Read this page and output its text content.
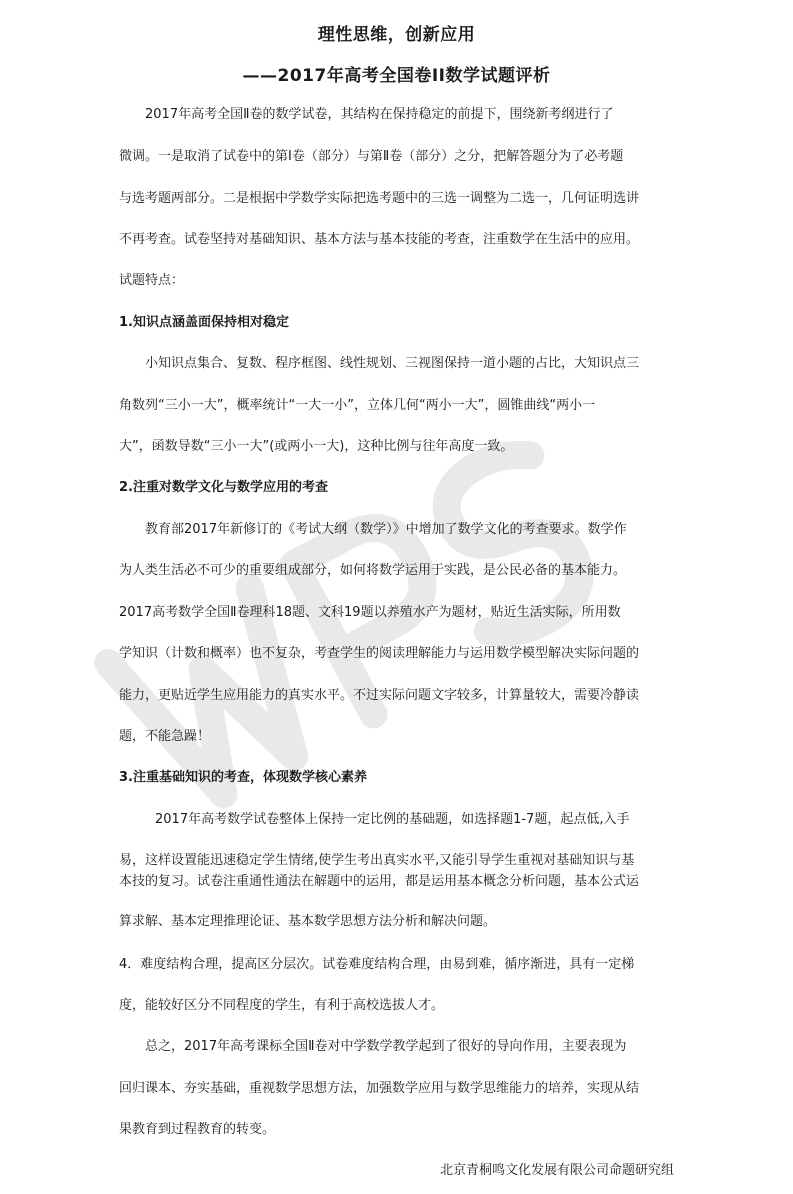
理性思维，创新应用
——2017年高考全国卷II数学试题评析
2017年高考全国Ⅱ卷的数学试卷，其结构在保持稳定的前提下，围绕新考纲进行了
微调。一是取消了试卷中的第Ⅰ卷（部分）与第Ⅱ卷（部分）之分，把解答题分为了必考题
与选考题两部分。二是根据中学数学实际把选考题中的三选一调整为二选一，几何证明选讲
不再考查。试卷坚持对基础知识、基本方法与基本技能的考查，注重数学在生活中的应用。
试题特点：
1.知识点涵盖面保持相对稳定
小知识点集合、复数、程序框图、线性规划、三视图保持一道小题的占比，大知识点三
角数列“三小一大”，概率统计“一大一小”，立体几何“两小一大”，圆锥曲线“两小一
大”，函数导数“三小一大”(或两小一大)，这种比例与往年高度一致。
2.注重对数学文化与数学应用的考查
教育部2017年新修订的《考试大纲（数学）》中增加了数学文化的考查要求。数学作
为人类生活必不可少的重要组成部分，如何将数学运用于实践，是公民必备的基本能力。
2017高考数学全国Ⅱ卷理科18题、文科19题以养殖水产为题材，贴近生活实际，所用数
学知识（计数和概率）也不复杂，考查学生的阅读理解能力与运用数学模型解决实际问题的
能力，更贴近学生应用能力的真实水平。不过实际问题文字较多，计算量较大，需要冷静读
题，不能急躁！
3.注重基础知识的考查，体现数学核心素养
2017年高考数学试卷整体上保持一定比例的基础题，如选择题1-7题，起点低,入手
易，这样设置能迅速稳定学生情绪,使学生考出真实水平,又能引导学生重视对基础知识与基
本技的复习。试卷注重通性通法在解题中的运用，都是运用基本概念分析问题，基本公式运
算求解、基本定理推理论证、基本数学思想方法分析和解决问题。
4．难度结构合理，提高区分层次。试卷难度结构合理，由易到难，循序渐进，具有一定梯
度，能较好区分不同程度的学生，有利于高校选拔人才。
总之，2017年高考课标全国Ⅱ卷对中学数学教学起到了很好的导向作用，主要表现为
回归课本、夯实基础，重视数学思想方法，加强数学应用与数学思维能力的培养，实现从结
果教育到过程教育的转变。
北京青桐鸣文化发展有限公司命题研究组
